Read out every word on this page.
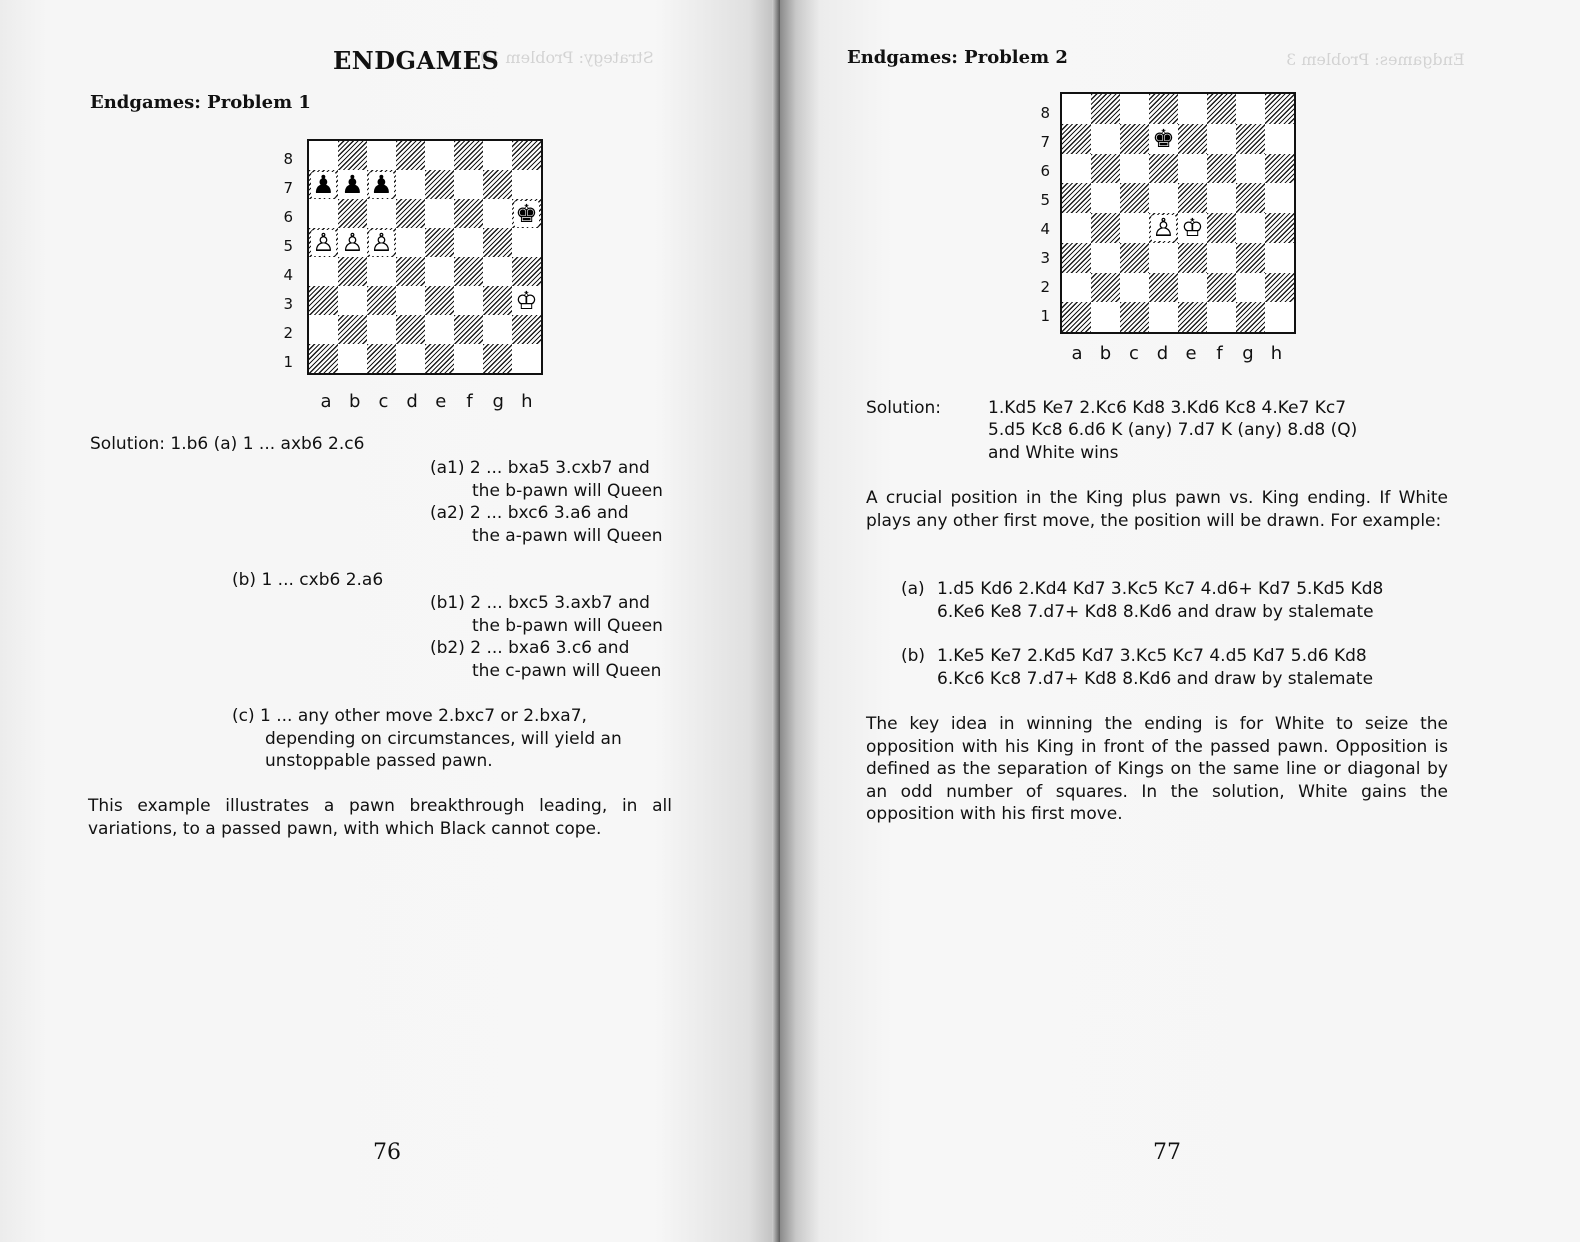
Strategy: Problem 10
ENDGAMES
Endgames: Problem 1
8
7
6
5
4
3
2
1
♟ ♟ ♟
♚
♙ ♙ ♙
♔
a b c d e	f	g h
Solution: 1.b6 (a) 1 ... axb6 2.c6
(a1) 2 ... bxa5 3.cxb7 and
the b-pawn will Queen
(a2) 2 ... bxc6 3.a6 and
the a-pawn will Queen
(b) 1 ... cxb6 2.a6
(b1) 2 ... bxc5 3.axb7 and
the b-pawn will Queen
(b2) 2 ... bxa6 3.c6 and
the c-pawn will Queen
(c) 1 ... any other move 2.bxc7 or 2.bxa7,
depending on circumstances, will yield an
unstoppable passed pawn.
This example illustrates a pawn breakthrough leading, in all variations, to a passed pawn, with which Black cannot cope.
76
Endgames: Problem 3
Endgames: Problem 2
8
7
6
5
4
3
2
1
♚
♙ ♔
a b c d e	f	g h
Solution:	1.Kd5 Ke7 2.Kc6 Kd8 3.Kd6 Kc8 4.Ke7 Kc7
5.d5 Kc8 6.d6 K (any) 7.d7 K (any) 8.d8 (Q)
and White wins
A crucial position in the King plus pawn vs. King ending. If White plays any other first move, the position will be drawn. For example:
(a) 1.d5 Kd6 2.Kd4 Kd7 3.Kc5 Kc7 4.d6+ Kd7 5.Kd5 Kd8
6.Ke6 Ke8 7.d7+ Kd8 8.Kd6 and draw by stalemate
(b) 1.Ke5 Ke7 2.Kd5 Kd7 3.Kc5 Kc7 4.d5 Kd7 5.d6 Kd8
6.Kc6 Kc8 7.d7+ Kd8 8.Kd6 and draw by stalemate
The key idea in winning the ending is for White to seize the opposition with his King in front of the passed pawn. Opposition is defined as the separation of Kings on the same line or diagonal by an odd number of squares. In the solution, White gains the opposition with his first move.
77
